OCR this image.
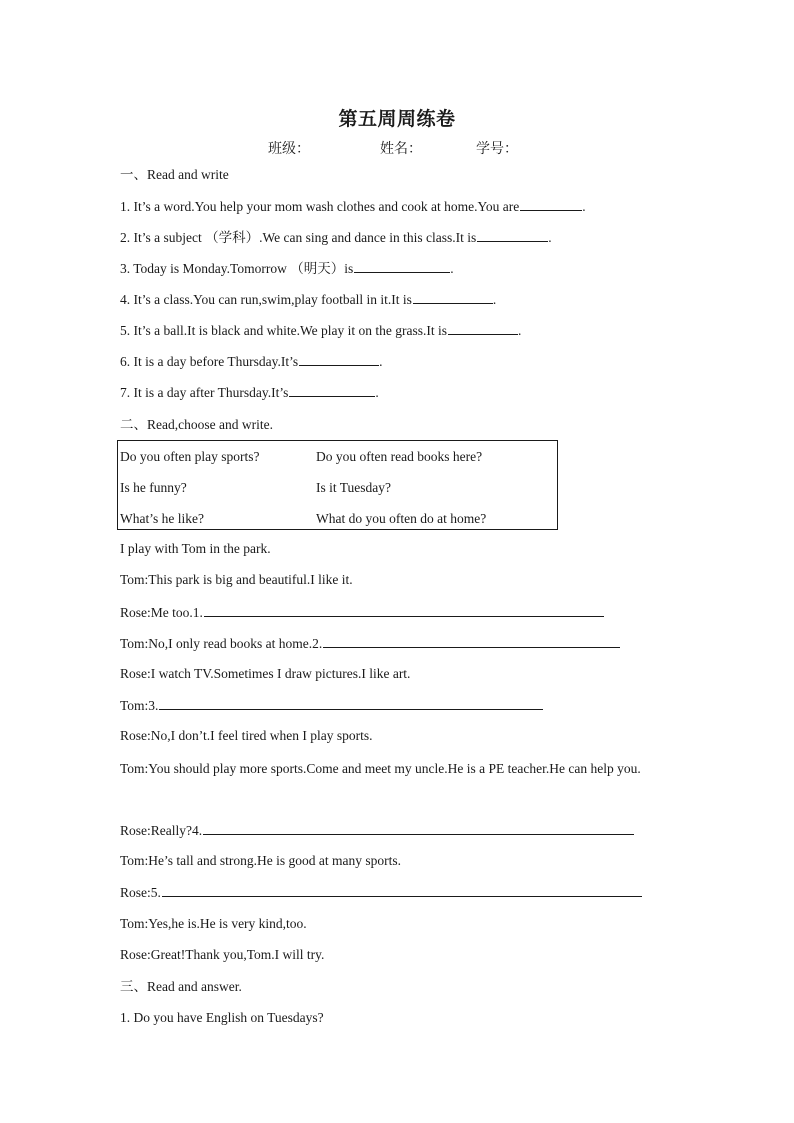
第五周周练卷
班级：	姓名：	学号：
一、Read and write
1. It’s a word.You help your mom wash clothes and cook at home.You are	.
2. It’s a subject （学科）.We can sing and dance in this class.It is	.
3. Today is Monday.Tomorrow （明天）is	.
4. It’s a class.You can run,swim,play football in it.It is	.
5. It’s a ball.It is black and white.We play it on the grass.It is	.
6. It is a day before Thursday.It’s	.
7. It is a day after Thursday.It’s	.
二、Read,choose and write.
Do you often play sports?	Do you often read books here?
Is he funny?	Is it Tuesday?
What’s he like?	What do you often do at home?
I play with Tom in the park.
Tom:This park is big and beautiful.I like it.
Rose:Me too.1.
Tom:No,I only read books at home.2.
Rose:I watch TV.Sometimes I draw pictures.I like art.
Tom:3.
Rose:No,I don’t.I feel tired when I play sports.
Tom:You should play more sports.Come and meet my uncle.He is a PE teacher.He can help you.
Rose:Really?4.
Tom:He’s tall and strong.He is good at many sports.
Rose:5.
Tom:Yes,he is.He is very kind,too.
Rose:Great!Thank you,Tom.I will try.
三、Read and answer.
1. Do you have English on Tuesdays?
